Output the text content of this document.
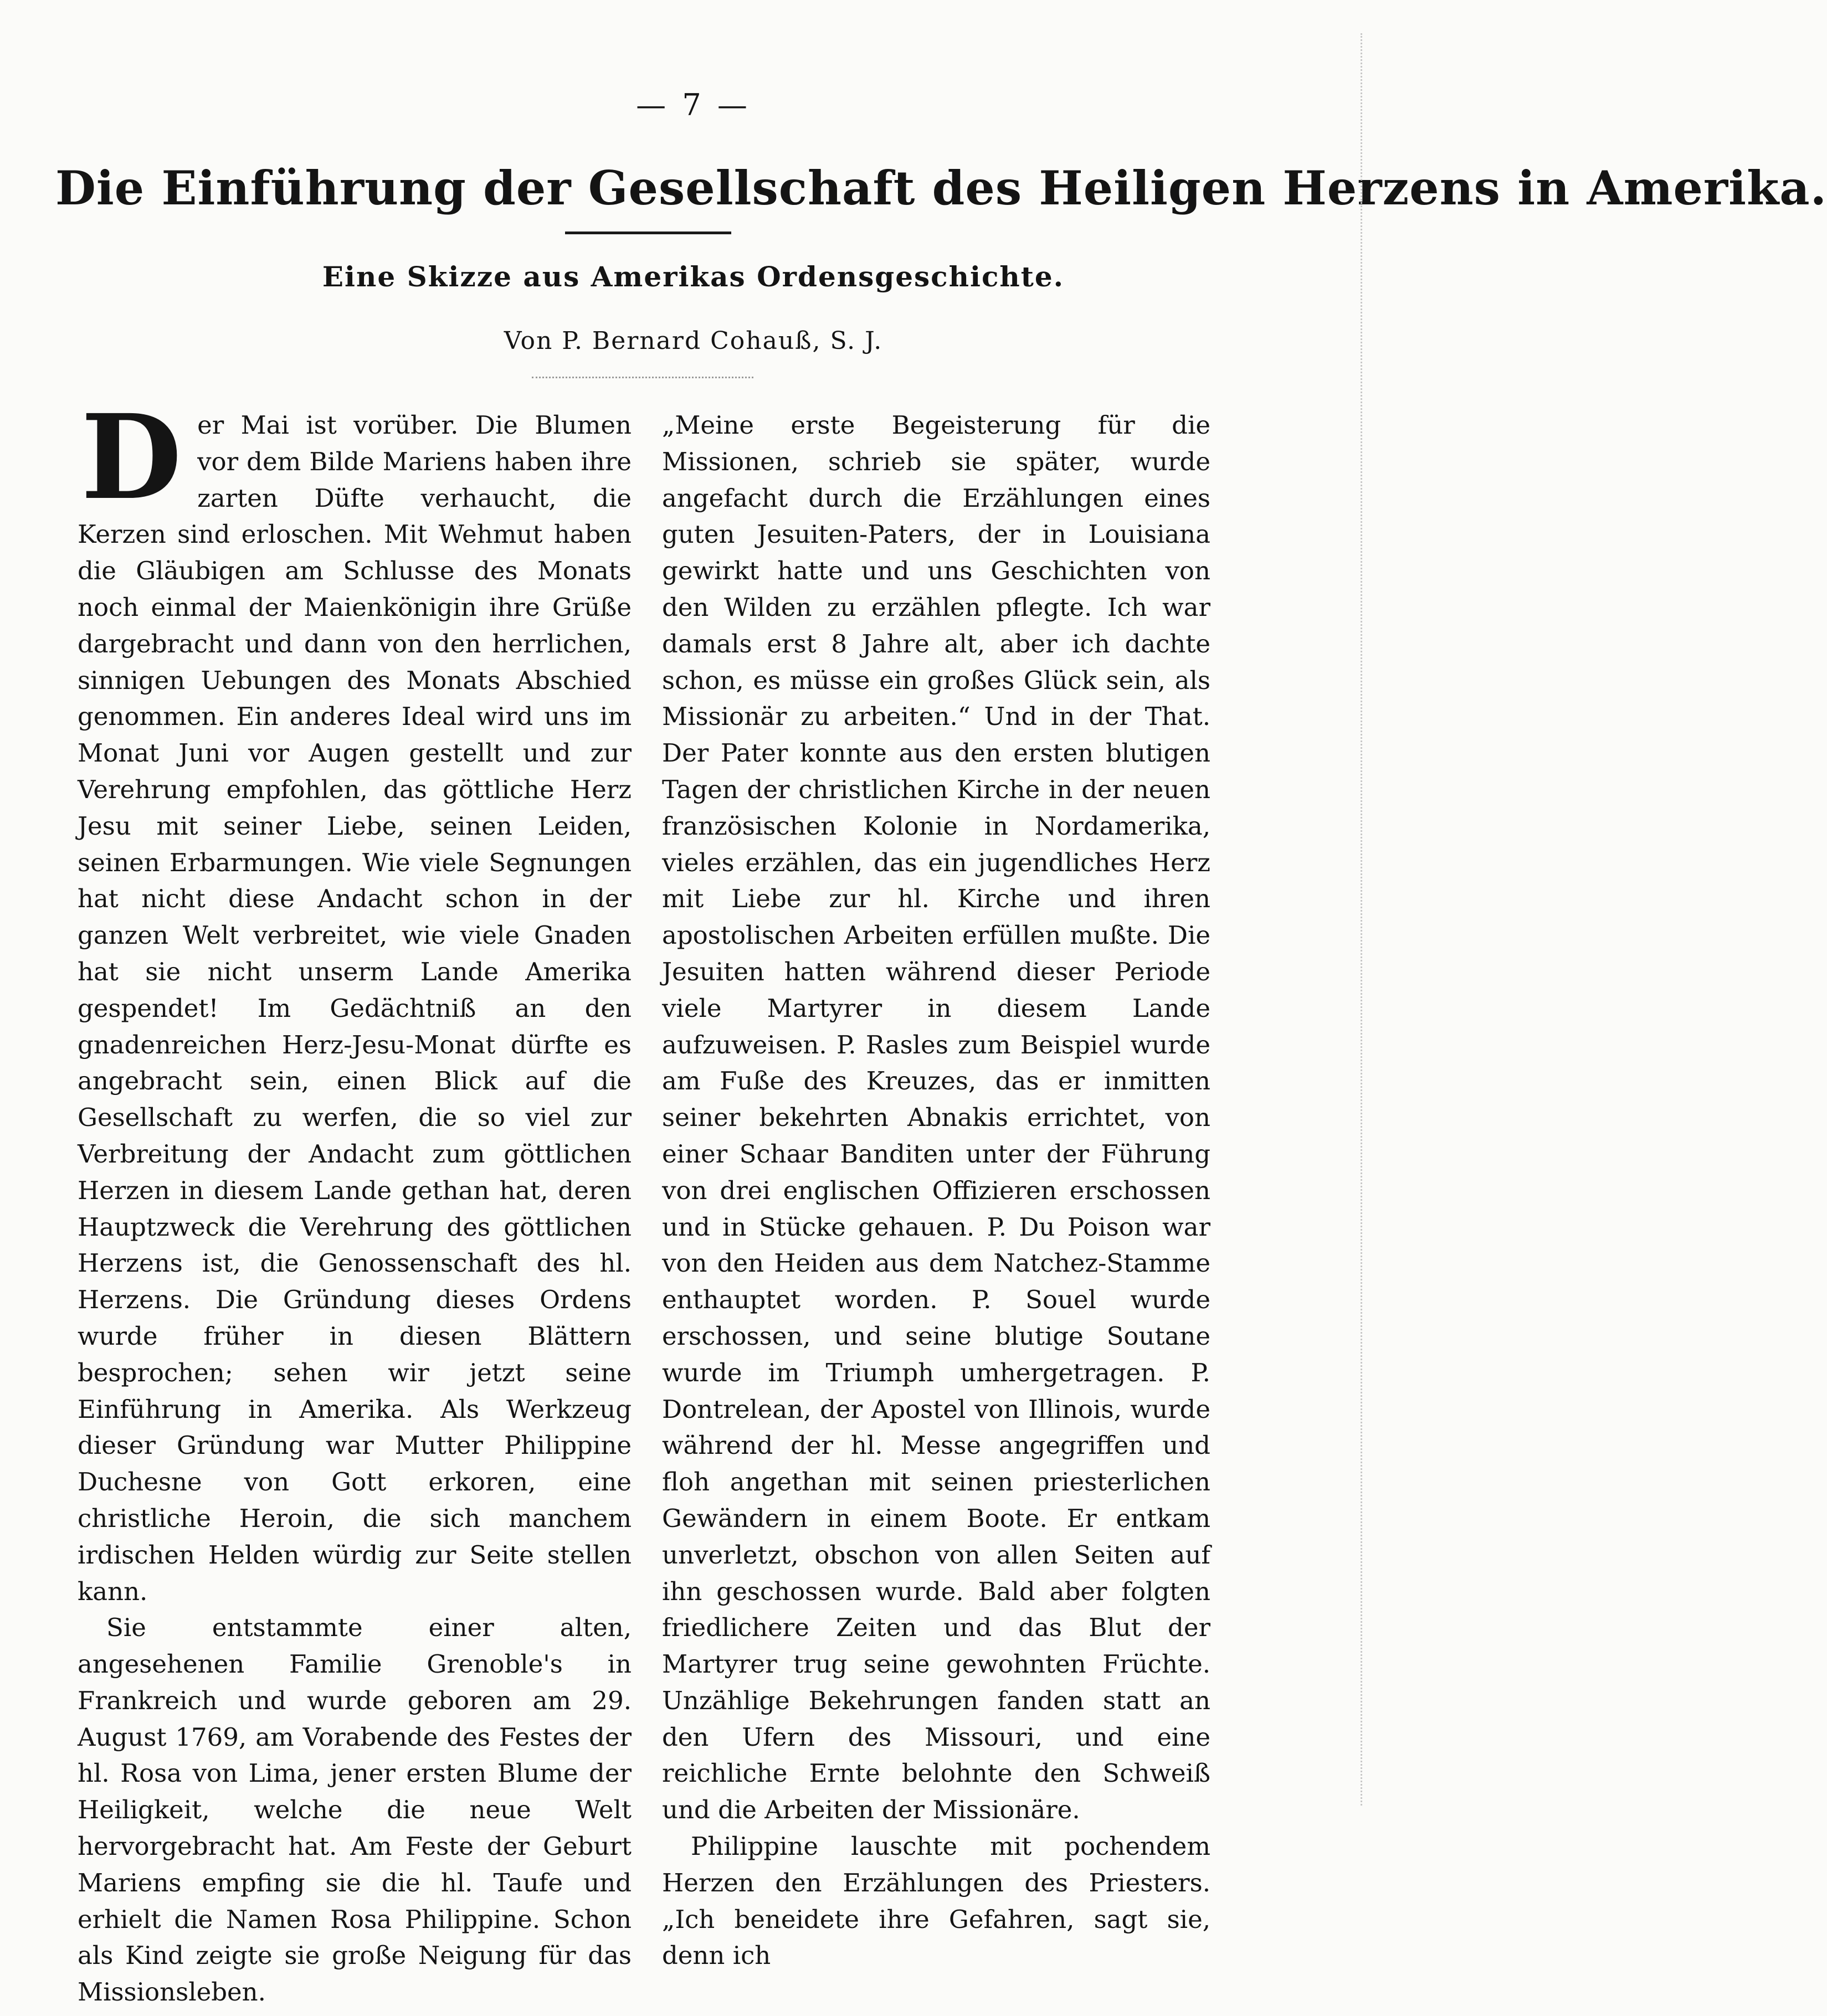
— 7 —
Die Einführung der Gesellschaft des Heiligen Herzens in Amerika.
Eine Skizze aus Amerikas Ordensgeschichte.
Von P. Bernard Cohauß, S. J.

Der Mai ist vorüber. Die Blumen vor dem Bilde Mariens haben ihre zarten Düfte verhaucht, die Kerzen sind erloschen. Mit Wehmut haben die Gläubigen am Schlusse des Monats noch einmal der Maienkönigin ihre Grüße dargebracht und dann von den herrlichen, sinnigen Uebungen des Monats Abschied genommen. Ein anderes Ideal wird uns im Monat Juni vor Augen gestellt und zur Verehrung empfohlen, das göttliche Herz Jesu mit seiner Liebe, seinen Leiden, seinen Erbarmungen. Wie viele Segnungen hat nicht diese Andacht schon in der ganzen Welt verbreitet, wie viele Gnaden hat sie nicht unserm Lande Amerika gespendet! Im Gedächtniß an den gnadenreichen Herz-Jesu-Monat dürfte es angebracht sein, einen Blick auf die Gesellschaft zu werfen, die so viel zur Verbreitung der Andacht zum göttlichen Herzen in diesem Lande gethan hat, deren Hauptzweck die Verehrung des göttlichen Herzens ist, die Genossenschaft des hl. Herzens. Die Gründung dieses Ordens wurde früher in diesen Blättern besprochen; sehen wir jetzt seine Einführung in Amerika. Als Werkzeug dieser Gründung war Mutter Philippine Duchesne von Gott erkoren, eine christliche Heroin, die sich manchem irdischen Helden würdig zur Seite stellen kann.

Sie entstammte einer alten, angesehenen Familie Grenoble's in Frankreich und wurde geboren am 29. August 1769, am Vorabende des Festes der hl. Rosa von Lima, jener ersten Blume der Heiligkeit, welche die neue Welt hervorgebracht hat. Am Feste der Geburt Mariens empfing sie die hl. Taufe und erhielt die Namen Rosa Philippine. Schon als Kind zeigte sie große Neigung für das Missionsleben.

„Meine erste Begeisterung für die Missionen, schrieb sie später, wurde angefacht durch die Erzählungen eines guten Jesuiten-Paters, der in Louisiana gewirkt hatte und uns Geschichten von den Wilden zu erzählen pflegte. Ich war damals erst 8 Jahre alt, aber ich dachte schon, es müsse ein großes Glück sein, als Missionär zu arbeiten.“ Und in der That. Der Pater konnte aus den ersten blutigen Tagen der christlichen Kirche in der neuen französischen Kolonie in Nordamerika, vieles erzählen, das ein jugendliches Herz mit Liebe zur hl. Kirche und ihren apostolischen Arbeiten erfüllen mußte. Die Jesuiten hatten während dieser Periode viele Martyrer in diesem Lande aufzuweisen. P. Rasles zum Beispiel wurde am Fuße des Kreuzes, das er inmitten seiner bekehrten Abnakis errichtet, von einer Schaar Banditen unter der Führung von drei englischen Offizieren erschossen und in Stücke gehauen. P. Du Poison war von den Heiden aus dem Natchez-Stamme enthauptet worden. P. Souel wurde erschossen, und seine blutige Soutane wurde im Triumph umhergetragen. P. Dontrelean, der Apostel von Illinois, wurde während der hl. Messe angegriffen und floh angethan mit seinen priesterlichen Gewändern in einem Boote. Er entkam unverletzt, obschon von allen Seiten auf ihn geschossen wurde. Bald aber folgten friedlichere Zeiten und das Blut der Martyrer trug seine gewohnten Früchte. Unzählige Bekehrungen fanden statt an den Ufern des Missouri, und eine reichliche Ernte belohnte den Schweiß und die Arbeiten der Missionäre.

Philippine lauschte mit pochendem Herzen den Erzählungen des Priesters. „Ich beneidete ihre Gefahren, sagt sie, denn ich
